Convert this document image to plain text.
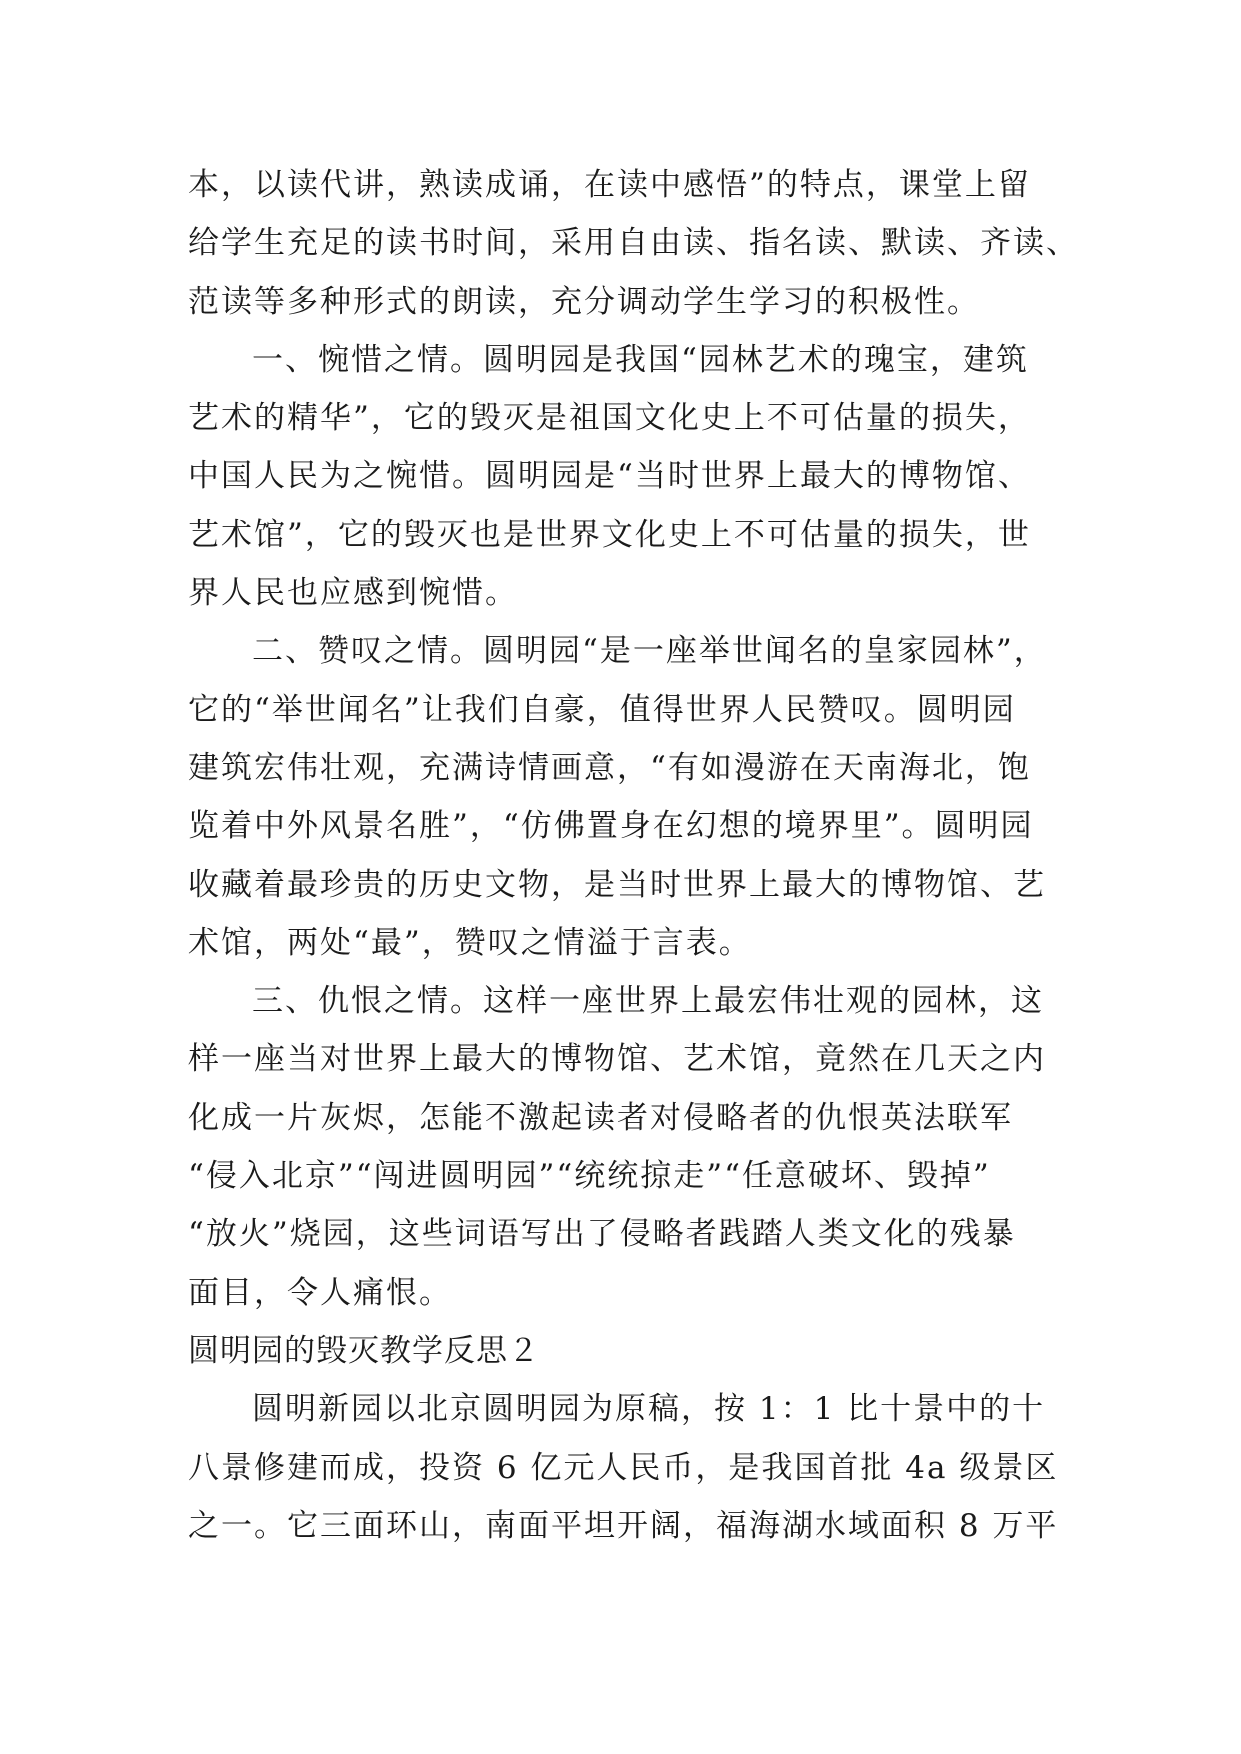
本，以读代讲，熟读成诵，在读中感悟”的特点，课堂上留
给学生充足的读书时间，采用自由读、指名读、默读、齐读、
范读等多种形式的朗读，充分调动学生学习的积极性。
一、惋惜之情。圆明园是我国“园林艺术的瑰宝，建筑
艺术的精华”，它的毁灭是祖国文化史上不可估量的损失，
中国人民为之惋惜。圆明园是“当时世界上最大的博物馆、
艺术馆”，它的毁灭也是世界文化史上不可估量的损失，世
界人民也应感到惋惜。
二、赞叹之情。圆明园“是一座举世闻名的皇家园林”，
它的“举世闻名”让我们自豪，值得世界人民赞叹。圆明园
建筑宏伟壮观，充满诗情画意，“有如漫游在天南海北，饱
览着中外风景名胜”，“仿佛置身在幻想的境界里”。圆明园
收藏着最珍贵的历史文物，是当时世界上最大的博物馆、艺
术馆，两处“最”，赞叹之情溢于言表。
三、仇恨之情。这样一座世界上最宏伟壮观的园林，这
样一座当对世界上最大的博物馆、艺术馆，竟然在几天之内
化成一片灰烬，怎能不激起读者对侵略者的仇恨英法联军
“侵入北京”“闯进圆明园”“统统掠走”“任意破坏、毁掉”
“放火”烧园，这些词语写出了侵略者践踏人类文化的残暴
面目，令人痛恨。
圆明园的毁灭教学反思２
圆明新园以北京圆明园为原稿，按 1：1 比十景中的十
八景修建而成，投资 6 亿元人民币，是我国首批 4a 级景区
之一。它三面环山，南面平坦开阔，福海湖水域面积 8 万平
